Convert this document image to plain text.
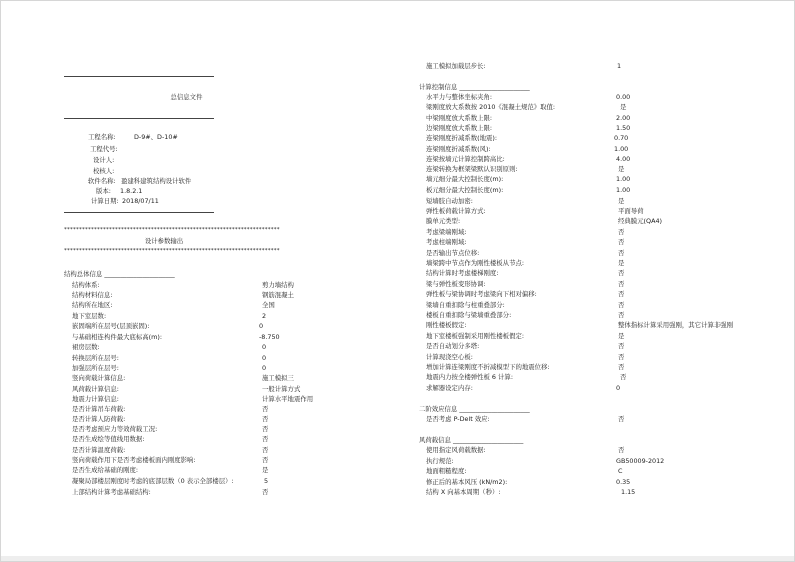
总信息文件
工程名称:	D-9#、D-10#
工程代号:
设计人:
校核人:
软件名称: 盈建科建筑结构设计软件
版本: 1.8.2.1
计算日期: 2018/07/11
************************************************************************
设计参数输出
************************************************************************
结构总体信息 ______________________
结构体系:	剪力墙结构
结构材料信息:	钢筋混凝土
结构所在地区:	全国
地下室层数:	2
嵌固端所在层号(层顶嵌固):	0
与基础相连构件最大底标高(m):	-8.750
裙房层数:	0
转换层所在层号:	0
加强层所在层号:	0
竖向荷载计算信息:	施工模拟三
风荷载计算信息:	一般计算方式
地震力计算信息:	计算水平地震作用
是否计算吊车荷载:	否
是否计算人防荷载:	否
是否考虑预应力等效荷载工况:	否
是否生成绘等值线用数据:	否
是否计算温度荷载:	否
竖向荷载作用下是否考虑楼板面内刚度影响:	否
是否生成给基础的刚度:	是
凝聚局部楼层刚度时考虑的底部层数（0 表示全部楼层）:	5
上部结构计算考虑基础结构:	否
施工模拟加载层步长:	1
计算控制信息 ______________________
水平力与整体坐标夹角:	0.00
梁刚度放大系数按 2010《混凝土规范》取值:	是
中梁刚度放大系数上限:	2.00
边梁刚度放大系数上限:	1.50
连梁刚度折减系数(地震):	0.70
连梁刚度折减系数(风):	1.00
连梁按墙元计算控制跨高比:	4.00
连梁转换为框架梁默认识别原则:	是
墙元细分最大控制长度(m):	1.00
板元细分最大控制长度(m):	1.00
短墙肢自动加密:	是
弹性板荷载计算方式:	平面导荷
膜单元类型:	经典膜元(QA4)
考虑梁端刚域:	否
考虑柱端刚域:	否
是否输出节点位移:	否
墙梁跨中节点作为刚性楼板从节点:	是
结构计算时考虑楼梯刚度:	否
梁与弹性板变形协调:	否
弹性板与梁协调时考虑梁向下相对偏移:	否
梁墙自重扣除与柱重叠部分:	否
楼板自重扣除与梁墙重叠部分:	否
刚性楼板假定:	整体指标计算采用强刚，其它计算非强刚
地下室楼板强制采用刚性楼板假定:	是
是否自动划分多塔:	否
计算现浇空心板:	否
增加计算连梁刚度不折减模型下的地震位移:	否
地震内力按全楼弹性板 6 计算:	否
求解器设定内存:	0
二阶效应信息 ______________________
是否考虑 P-Delt 效应:	否
风荷载信息 ______________________
使用指定风荷载数据:	否
执行规范:	GB50009-2012
地面粗糙程度:	C
修正后的基本风压 (kN/m2):	0.35
结构 X 向基本周期（秒）:	1.15
